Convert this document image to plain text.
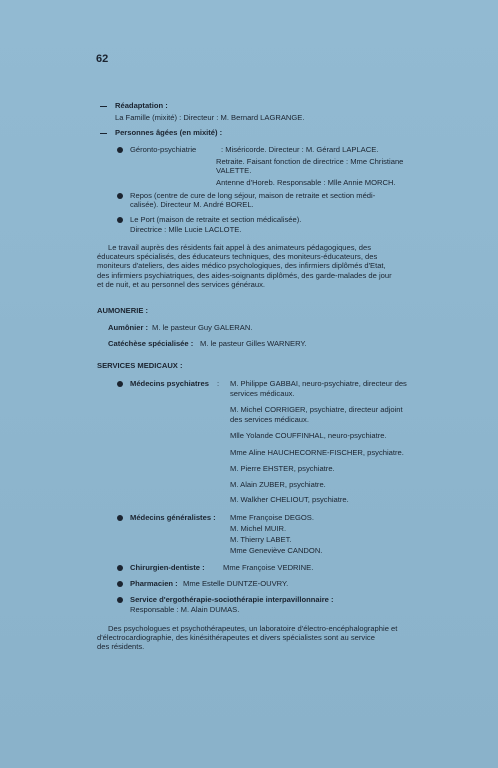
62
Réadaptation :
La Famille (mixité) : Directeur : M. Bernard LAGRANGE.
Personnes âgées (en mixité) :
Géronto-psychiatrie	: Miséricorde. Directeur : M. Gérard LAPLACE.
Retraite. Faisant fonction de directrice : Mme Christiane
VALETTE.
Antenne d'Horeb. Responsable : Mlle Annie MORCH.
Repos (centre de cure de long séjour, maison de retraite et section médi-
calisée). Directeur M. André BOREL.
Le Port (maison de retraite et section médicalisée).
Directrice : Mlle Lucie LACLOTE.
Le travail auprès des résidents fait appel à des animateurs pédagogiques, des
éducateurs spécialisés, des éducateurs techniques, des moniteurs-éducateurs, des
moniteurs d'ateliers, des aides médico psychologiques, des infirmiers diplômés d'Etat,
des infirmiers psychiatriques, des aides-soignants diplômés, des garde-malades de jour
et de nuit, et au personnel des services généraux.
AUMONERIE :
Aumônier : M. le pasteur Guy GALERAN.
Catéchèse spécialisée : M. le pasteur Gilles WARNERY.
SERVICES MEDICAUX :
Médecins psychiatres : M. Philippe GABBAI, neuro-psychiatre, directeur des
services médicaux.
M. Michel CORRIGER, psychiatre, directeur adjoint
des services médicaux.
Mlle Yolande COUFFINHAL, neuro-psychiatre.
Mme Aline HAUCHECORNE-FISCHER, psychiatre.
M. Pierre EHSTER, psychiatre.
M. Alain ZUBER, psychiatre.
M. Walkher CHELIOUT, psychiatre.
Médecins généralistes : Mme Françoise DEGOS.
M. Michel MUIR.
M. Thierry LABET.
Mme Geneviève CANDON.
Chirurgien-dentiste : Mme Françoise VEDRINE.
Pharmacien : Mme Estelle DUNTZE-OUVRY.
Service d'ergothérapie-sociothérapie interpavillonnaire :
Responsable : M. Alain DUMAS.
Des psychologues et psychothérapeutes, un laboratoire d'électro-encéphalographie et
d'électrocardiographie, des kinésithérapeutes et divers spécialistes sont au service
des résidents.
